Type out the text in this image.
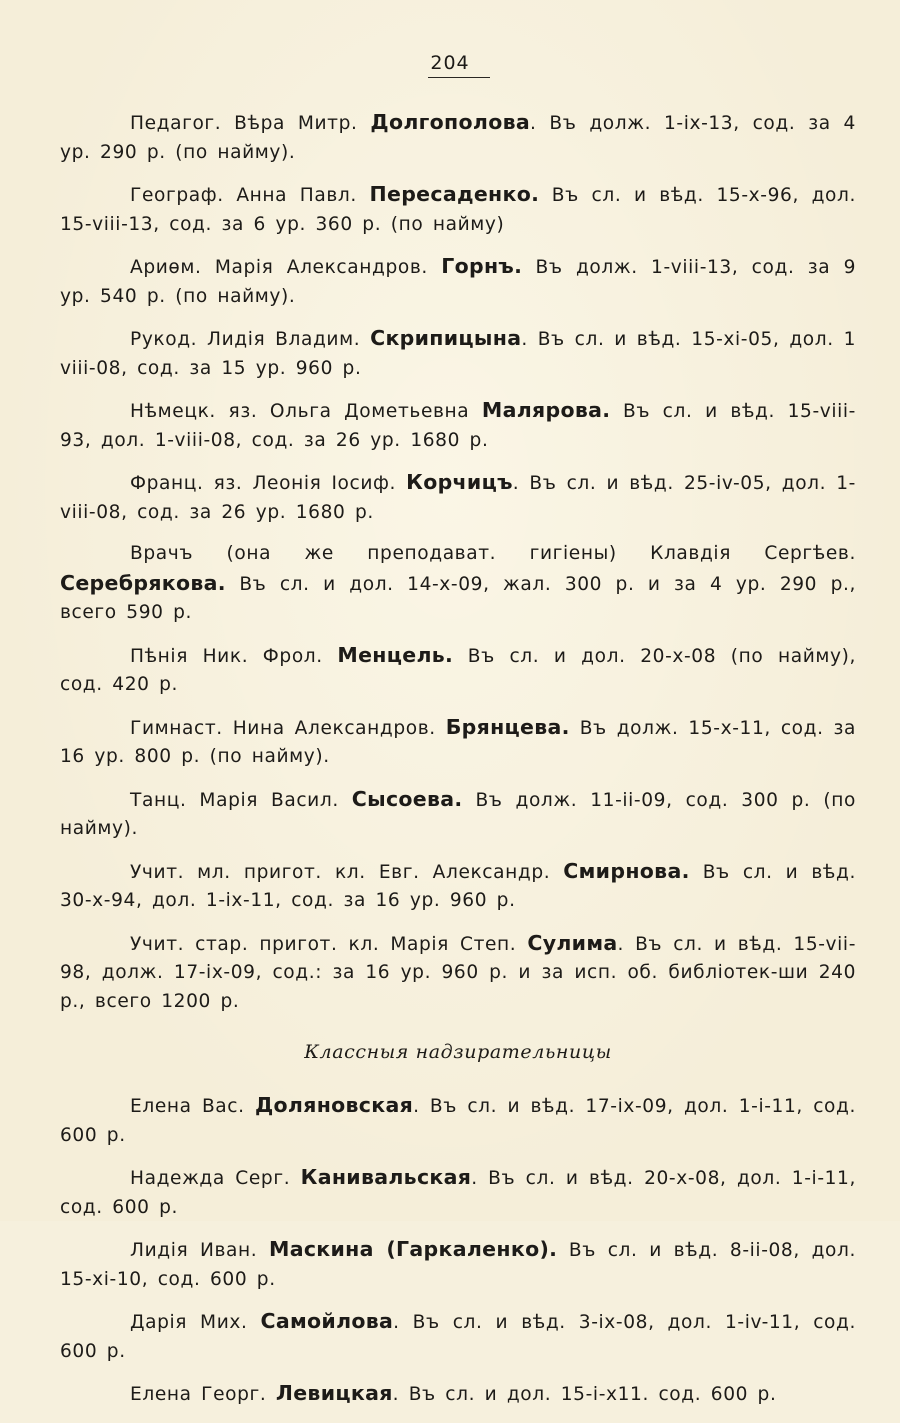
204

Педагог. Вѣра Митр. Долгополова. Въ долж. 1-ix-13, сод. за 4 ур. 290 р. (по найму).

Географ. Анна Павл. Пересаденко. Въ сл. и вѣд. 15-x-96, дол. 15-viii-13, сод. за 6 ур. 360 р. (по найму)

Ариѳм. Марія Александров. Горнъ. Въ долж. 1-viii-13, сод. за 9 ур. 540 р. (по найму).

Рукод. Лидія Владим. Скрипицына. Въ сл. и вѣд. 15-xi-05, дол. 1 viii-08, сод. за 15 ур. 960 р.

Нѣмецк. яз. Ольга Дометьевна Малярова. Въ сл. и вѣд. 15-viii-93, дол. 1-viii-08, сод. за 26 ур. 1680 р.

Франц. яз. Леонія Іосиф. Корчицъ. Въ сл. и вѣд. 25-iv-05, дол. 1-viii-08, сод. за 26 ур. 1680 р.

Врачъ (она же преподават. гигіены) Клавдія Сергѣев. Серебрякова. Въ сл. и дол. 14-x-09, жал. 300 р. и за 4 ур. 290 р., всего 590 р.

Пѣнія Ник. Фрол. Менцель. Въ сл. и дол. 20-x-08 (по найму), сод. 420 р.

Гимнаст. Нина Александров. Брянцева. Въ долж. 15-x-11, сод. за 16 ур. 800 р. (по найму).

Танц. Марія Васил. Сысоева. Въ долж. 11-ii-09, сод. 300 р. (по найму).

Учит. мл. пригот. кл. Евг. Александр. Смирнова. Въ сл. и вѣд. 30-x-94, дол. 1-ix-11, сод. за 16 ур. 960 р.

Учит. стар. пригот. кл. Марія Степ. Сулима. Въ сл. и вѣд. 15-vii-98, долж. 17-ix-09, сод.: за 16 ур. 960 р. и за исп. об. библіотек-ши 240 р., всего 1200 р.

Классныя надзирательницы

Елена Вас. Доляновская. Въ сл. и вѣд. 17-ix-09, дол. 1-i-11, сод. 600 р.

Надежда Серг. Канивальская. Въ сл. и вѣд. 20-x-08, дол. 1-i-11, сод. 600 р.

Лидія Иван. Маскина (Гаркаленко). Въ сл. и вѣд. 8-ii-08, дол. 15-xi-10, сод. 600 р.

Дарія Мих. Самойлова. Въ сл. и вѣд. 3-ix-08, дол. 1-iv-11, сод. 600 р.

Елена Георг. Левицкая. Въ сл. и дол. 15-i-x11. сод. 600 р.
